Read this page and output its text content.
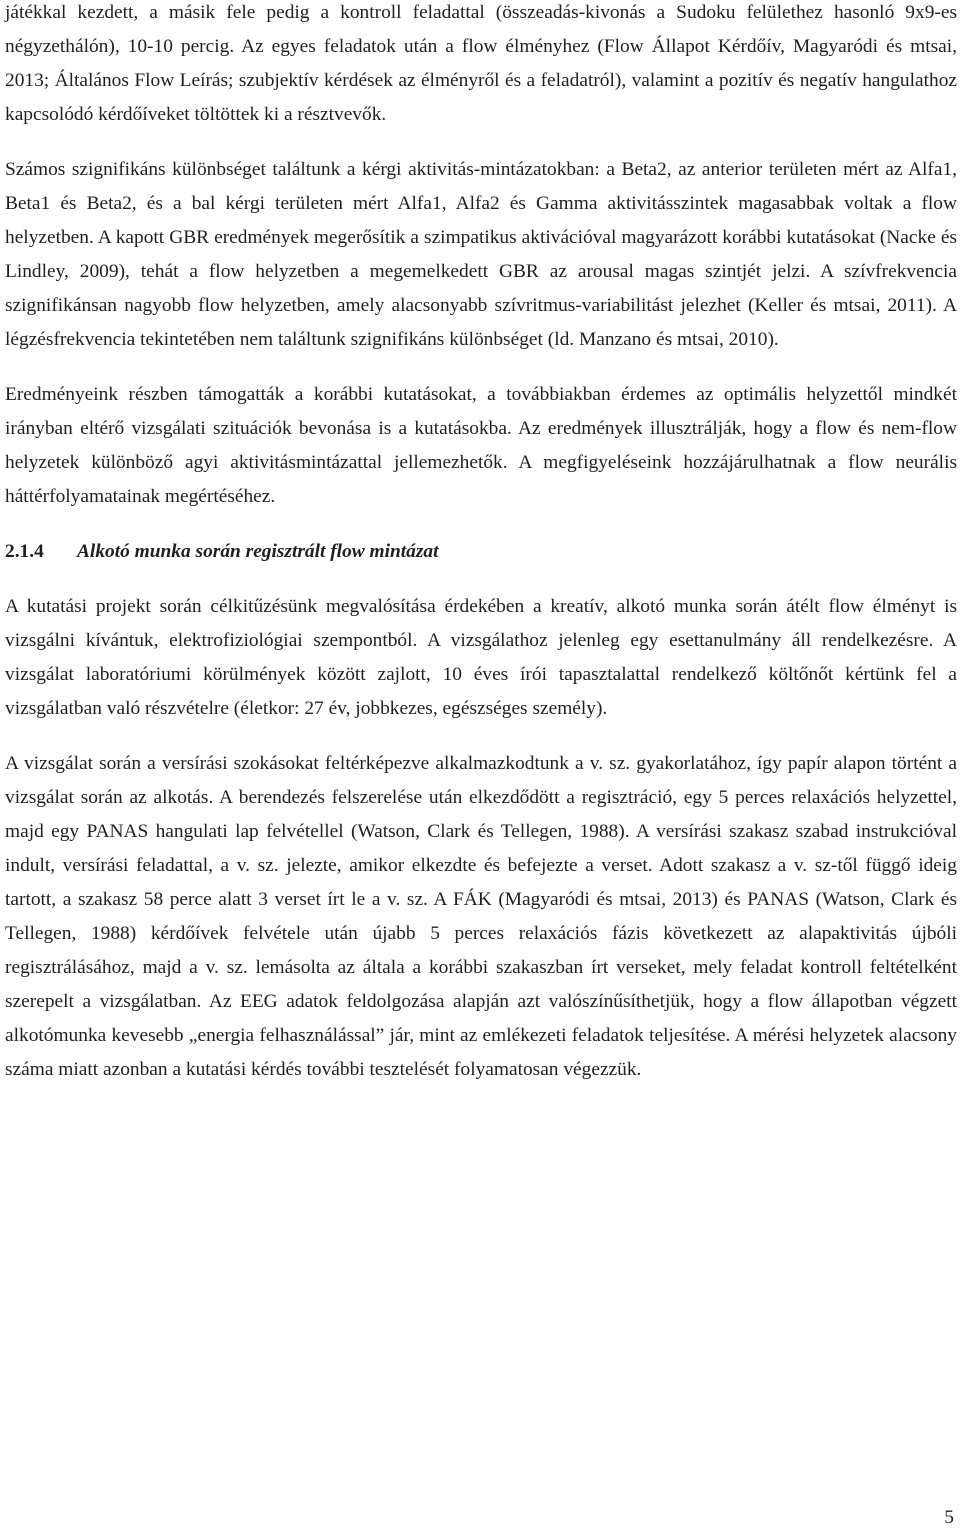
játékkal kezdett, a másik fele pedig a kontroll feladattal (összeadás-kivonás a Sudoku felülethez hasonló 9x9-es négyzethálón), 10-10 percig. Az egyes feladatok után a flow élményhez (Flow Állapot Kérdőív, Magyaródi és mtsai, 2013; Általános Flow Leírás; szubjektív kérdések az élményről és a feladatról), valamint a pozitív és negatív hangulathoz kapcsolódó kérdőíveket töltöttek ki a résztvevők.

Számos szignifikáns különbséget találtunk a kérgi aktivitás-mintázatokban: a Beta2, az anterior területen mért az Alfa1, Beta1 és Beta2, és a bal kérgi területen mért Alfa1, Alfa2 és Gamma aktivitásszintek magasabbak voltak a flow helyzetben. A kapott GBR eredmények megerősítik a szimpatikus aktivációval magyarázott korábbi kutatásokat (Nacke és Lindley, 2009), tehát a flow helyzetben a megemelkedett GBR az arousal magas szintjét jelzi. A szívfrekvencia szignifikánsan nagyobb flow helyzetben, amely alacsonyabb szívritmus-variabilitást jelezhet (Keller és mtsai, 2011). A légzésfrekvencia tekintetében nem találtunk szignifikáns különbséget (ld. Manzano és mtsai, 2010).

Eredményeink részben támogatták a korábbi kutatásokat, a továbbiakban érdemes az optimális helyzettől mindkét irányban eltérő vizsgálati szituációk bevonása is a kutatásokba. Az eredmények illusztrálják, hogy a flow és nem-flow helyzetek különböző agyi aktivitásmintázattal jellemezhetők. A megfigyeléseink hozzájárulhatnak a flow neurális háttérfolyamatainak megértéséhez.

2.1.4	Alkotó munka során regisztrált flow mintázat

A kutatási projekt során célkitűzésünk megvalósítása érdekében a kreatív, alkotó munka során átélt flow élményt is vizsgálni kívántuk, elektrofiziológiai szempontból. A vizsgálathoz jelenleg egy esettanulmány áll rendelkezésre. A vizsgálat laboratóriumi körülmények között zajlott, 10 éves írói tapasztalattal rendelkező költőnőt kértünk fel a vizsgálatban való részvételre (életkor: 27 év, jobbkezes, egészséges személy).

A vizsgálat során a versírási szokásokat feltérképezve alkalmazkodtunk a v. sz. gyakorlatához, így papír alapon történt a vizsgálat során az alkotás. A berendezés felszerelése után elkezdődött a regisztráció, egy 5 perces relaxációs helyzettel, majd egy PANAS hangulati lap felvétellel (Watson, Clark és Tellegen, 1988). A versírási szakasz szabad instrukcióval indult, versírási feladattal, a v. sz. jelezte, amikor elkezdte és befejezte a verset. Adott szakasz a v. sz-től függő ideig tartott, a szakasz 58 perce alatt 3 verset írt le a v. sz. A FÁK (Magyaródi és mtsai, 2013) és PANAS (Watson, Clark és Tellegen, 1988) kérdőívek felvétele után újabb 5 perces relaxációs fázis következett az alapaktivitás újbóli regisztrálásához, majd a v. sz. lemásolta az általa a korábbi szakaszban írt verseket, mely feladat kontroll feltételként szerepelt a vizsgálatban. Az EEG adatok feldolgozása alapján azt valószínűsíthetjük, hogy a flow állapotban végzett alkotómunka kevesebb „energia felhasználással” jár, mint az emlékezeti feladatok teljesítése. A mérési helyzetek alacsony száma miatt azonban a kutatási kérdés további tesztelését folyamatosan végezzük.

5
